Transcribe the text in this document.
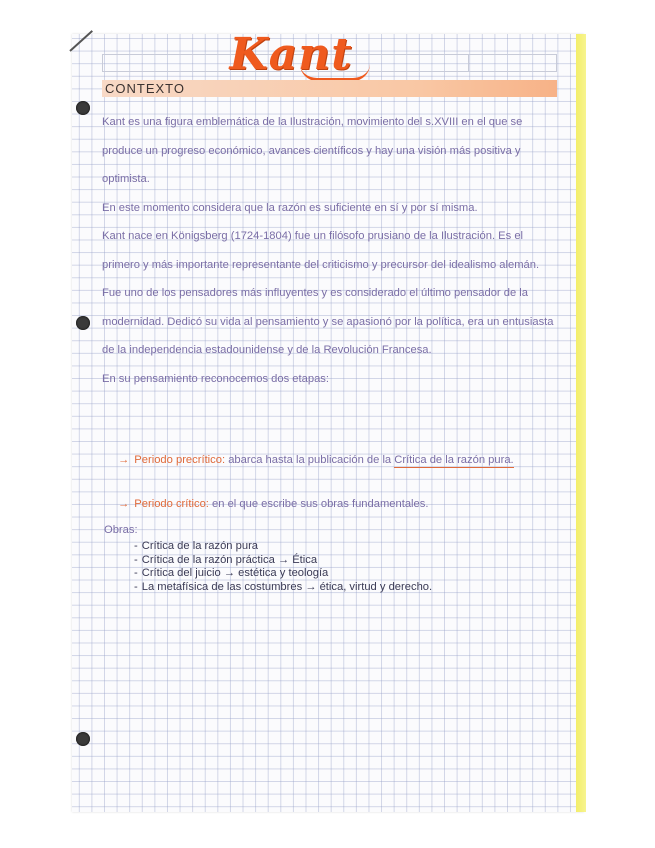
Kant
CONTEXTO

Kant es una figura emblemática de la Ilustración, movimiento del s.XVIII en el que se produce un progreso económico, avances científicos y hay una visión más positiva y optimista.

En este momento considera que la razón es suficiente en sí y por sí misma.

Kant nace en Königsberg (1724-1804) fue un filósofo prusiano de la Ilustración. Es el primero y más importante representante del criticismo y precursor del idealismo alemán. Fue uno de los pensadores más influyentes y es considerado el último pensador de la modernidad. Dedicó su vida al pensamiento y se apasionó por la política, era un entusiasta de la independencia estadounidense y de la Revolución Francesa.

En su pensamiento reconocemos dos etapas:

→ Periodo precrítico: abarca hasta la publicación de la Crítica de la razón pura.

→ Periodo crítico: en el que escribe sus obras fundamentales.

Obras:

- Crítica de la razón pura
- Crítica de la razón práctica → Ética
- Crítica del juicio → estética y teología
- La metafísica de las costumbres → ética, virtud y derecho.
